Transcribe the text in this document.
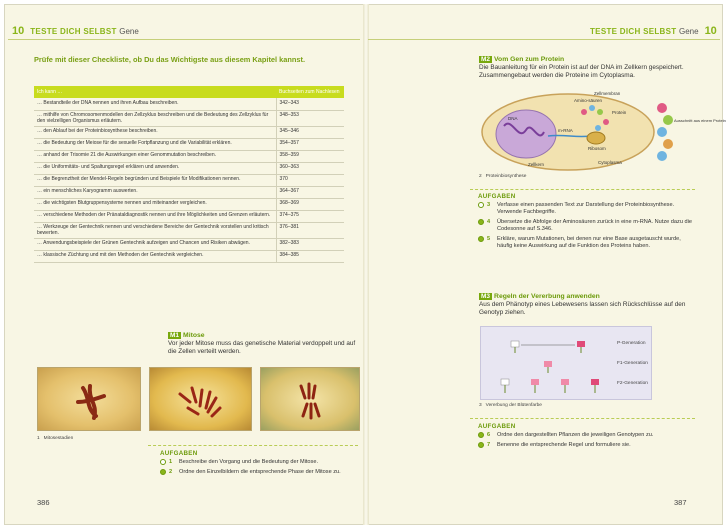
10 TESTE DICH SELBST Gene
Prüfe mit dieser Checkliste, ob Du das Wichtigste aus diesem Kapitel kannst.
Ich kann …	Buchseiten zum Nachlesen
… Bestandteile der DNA nennen und ihren Aufbau beschreiben.	342–343
… mithilfe von Chromosomenmodellen den Zellzyklus beschreiben und die Bedeutung des Zellzyklus für den vielzelligen Organismus erläutern.	348–353
… den Ablauf bei der Proteinbiosynthese beschreiben.	345–346
… die Bedeutung der Meiose für die sexuelle Fortpflanzung und die Variabilität erklären.	354–357
… anhand der Trisomie 21 die Auswirkungen einer Genommutation beschreiben.	358–359
… die Uniformitäts- und Spaltungsregel erklären und anwenden.	360–363
… die Begrenztheit der Mendel-Regeln begründen und Beispiele für Modifikationen nennen.	370
… ein menschliches Karyogramm auswerten.	364–367
… die wichtigsten Blutgruppensysteme nennen und miteinander vergleichen.	368–369
… verschiedene Methoden der Pränataldiagnostik nennen und ihre Möglichkeiten und Grenzen erläutern.	374–375
… Werkzeuge der Gentechnik nennen und verschiedene Bereiche der Gentechnik vorstellen und kritisch bewerten.	376–381
… Anwendungsbeispiele der Grünen Gentechnik aufzeigen und Chancen und Risiken abwägen.	382–383
… klassische Züchtung und mit den Methoden der Gentechnik vergleichen.	384–385
M1 Mitose
Vor jeder Mitose muss das genetische Material verdoppelt und auf die Zellen verteilt werden.
1 Mitosestadien
AUFGABEN
1	Beschreibe den Vorgang und die Bedeutung der Mitose.
2	Ordne den Einzelbildern die entsprechende Phase der Mitose zu.
386
TESTE DICH SELBST Gene 10
M2 Vom Gen zum Protein
Die Bauanleitung für ein Protein ist auf der DNA im Zellkern gespeichert. Zusammengebaut werden die Proteine im Cytoplasma.
Zellmembran
Amino-säuren
Protein
DNA
m-RNA
Ribosom
Zellkern	Cytoplasma
Ausschnitt aus einem Protein
2 Proteinbiosynthese
AUFGABEN
3	Verfasse einen passenden Text zur Darstellung der Proteinbiosynthese. Verwende Fachbegriffe.
4	Übersetze die Abfolge der Aminosäuren zurück in eine m-RNA. Nutze dazu die Codesonne auf S.346.
5	Erkläre, warum Mutationen, bei denen nur eine Base ausgetauscht wurde, häufig keine Auswirkung auf die Funktion des Proteins haben.
M3 Regeln der Vererbung anwenden
Aus dem Phänotyp eines Lebewesens lassen sich Rückschlüsse auf den Genotyp ziehen.
P-Generation
F1-Generation
F2-Generation
3 Vererbung der Blütenfarbe
AUFGABEN
6	Ordne den dargestellten Pflanzen die jeweiligen Genotypen zu.
7	Benenne die entsprechende Regel und formuliere sie.
387
